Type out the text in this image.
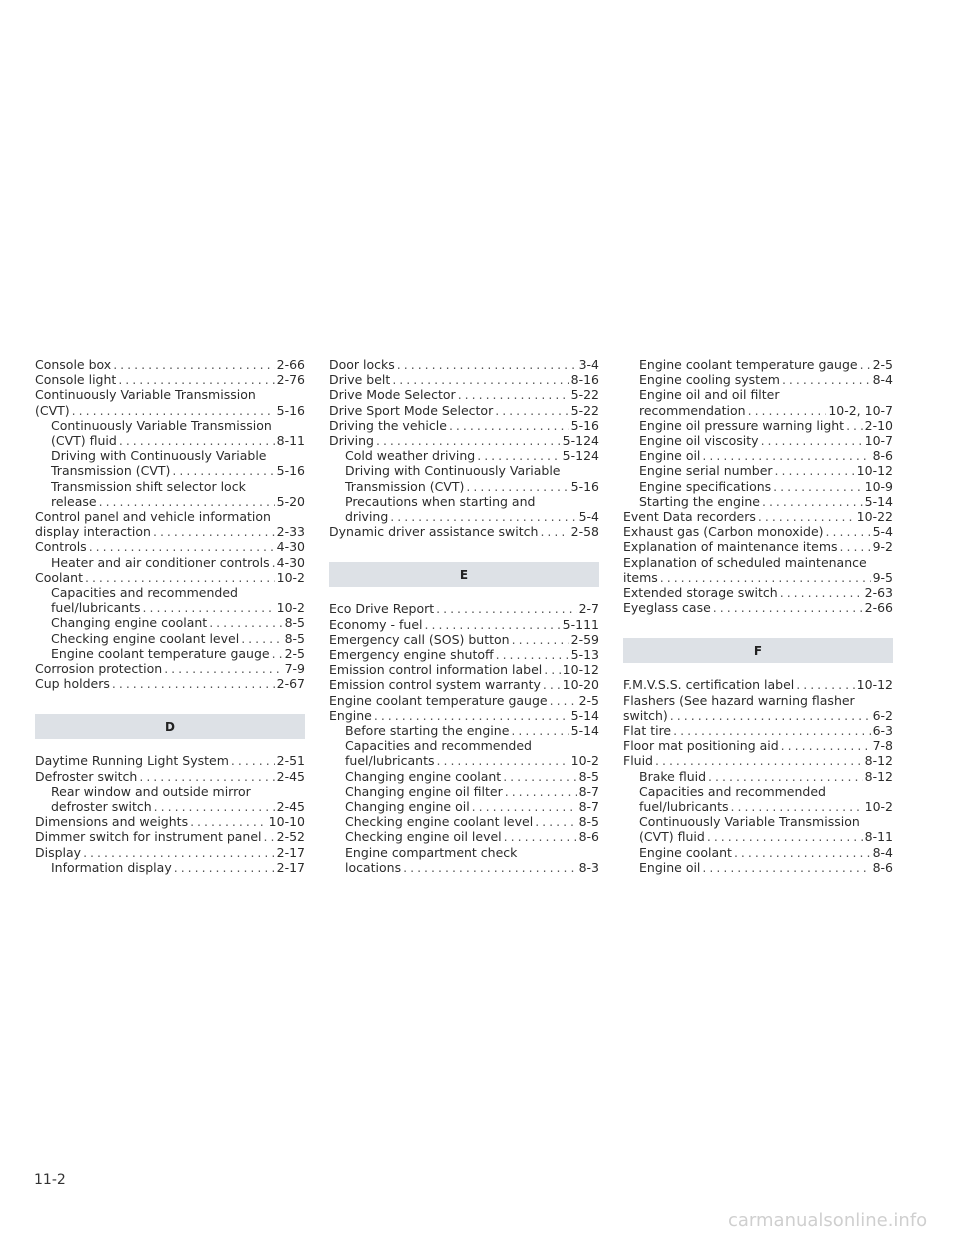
Console box .....	2-66
Console light .....	2-76
Continuously Variable Transmission
(CVT) .....	5-16
Continuously Variable Transmission
(CVT) fluid .....	8-11
Driving with Continuously Variable
Transmission (CVT) .....	5-16
Transmission shift selector lock
release .....	5-20
Control panel and vehicle information
display interaction .....	2-33
Controls .....	4-30
Heater and air conditioner controls ..... 4-30
Coolant .....	10-2
Capacities and recommended
fuel/lubricants .....	10-2
Changing engine coolant .....	8-5
Checking engine coolant level .....	8-5
Engine coolant temperature gauge ..... 2-5
Corrosion protection .....	7-9
Cup holders .....	2-67
D
Daytime Running Light System .....	2-51
Defroster switch .....	2-45
Rear window and outside mirror
defroster switch .....	2-45
Dimensions and weights .....	10-10
Dimmer switch for instrument panel ..... 2-52
Display .....	2-17
Information display .....	2-17
Door locks .....	3-4
Drive belt .....	8-16
Drive Mode Selector .....	5-22
Drive Sport Mode Selector .....	5-22
Driving the vehicle .....	5-16
Driving .....	5-124
Cold weather driving .....	5-124
Driving with Continuously Variable
Transmission (CVT) .....	5-16
Precautions when starting and
driving .....	5-4
Dynamic driver assistance switch .....	2-58
E
Eco Drive Report .....	2-7
Economy - fuel .....	5-111
Emergency call (SOS) button .....	2-59
Emergency engine shutoff .....	5-13
Emission control information label ..... 10-12
Emission control system warranty ..... 10-20
Engine coolant temperature gauge ..... 2-5
Engine .....	5-14
Before starting the engine .....	5-14
Capacities and recommended
fuel/lubricants .....	10-2
Changing engine coolant .....	8-5
Changing engine oil filter .....	8-7
Changing engine oil .....	8-7
Checking engine coolant level .....	8-5
Checking engine oil level .....	8-6
Engine compartment check
locations .....	8-3
Engine coolant temperature gauge ..... 2-5
Engine cooling system .....	8-4
Engine oil and oil filter
recommendation .....	10-2, 10-7
Engine oil pressure warning light ..... 2-10
Engine oil viscosity .....	10-7
Engine oil .....	8-6
Engine serial number .....	10-12
Engine specifications .....	10-9
Starting the engine .....	5-14
Event Data recorders .....	10-22
Exhaust gas (Carbon monoxide) .....	5-4
Explanation of maintenance items .....	9-2
Explanation of scheduled maintenance
items .....	9-5
Extended storage switch .....	2-63
Eyeglass case .....	2-66
F
F.M.V.S.S. certification label .....	10-12
Flashers (See hazard warning flasher
switch) .....	6-2
Flat tire .....	6-3
Floor mat positioning aid .....	7-8
Fluid .....	8-12
Brake fluid .....	8-12
Capacities and recommended
fuel/lubricants .....	10-2
Continuously Variable Transmission
(CVT) fluid .....	8-11
Engine coolant .....	8-4
Engine oil .....	8-6
11-2
carmanualsonline.info
